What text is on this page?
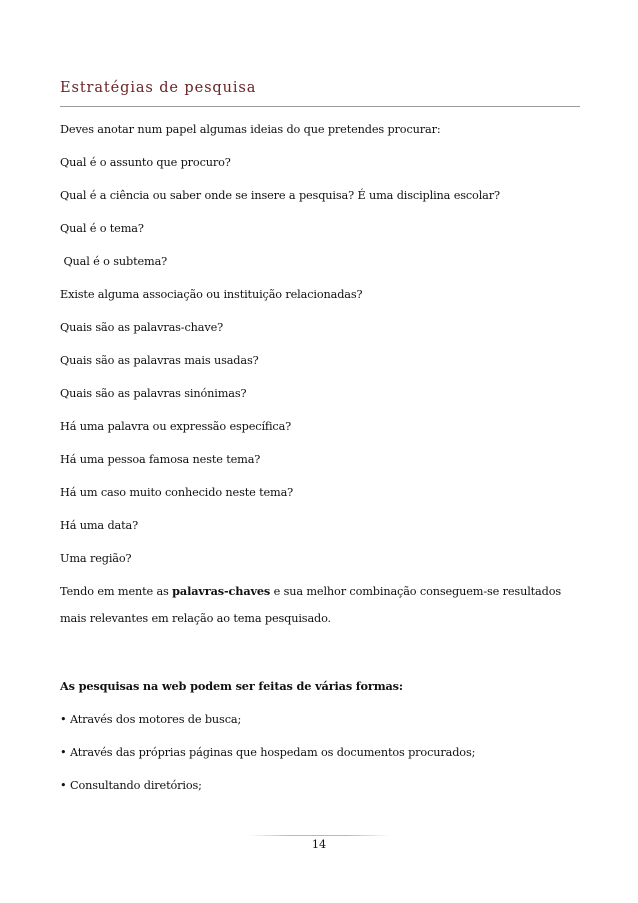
Estratégias de pesquisa
Deves anotar num papel algumas ideias do que pretendes procurar:
Qual é o assunto que procuro?
Qual é a ciência ou saber onde se insere a pesquisa? É uma disciplina escolar?
Qual é o tema?
Qual é o subtema?
Existe alguma associação ou instituição relacionadas?
Quais são as palavras-chave?
Quais são as palavras mais usadas?
Quais são as palavras sinónimas?
Há uma palavra ou expressão específica?
Há uma pessoa famosa neste tema?
Há um caso muito conhecido neste tema?
Há uma data?
Uma região?
Tendo em mente as palavras-chaves e sua melhor combinação conseguem-se resultados mais relevantes em relação ao tema pesquisado.
As pesquisas na web podem ser feitas de várias formas:
• Através dos motores de busca;
• Através das próprias páginas que hospedam os documentos procurados;
• Consultando diretórios;
14
